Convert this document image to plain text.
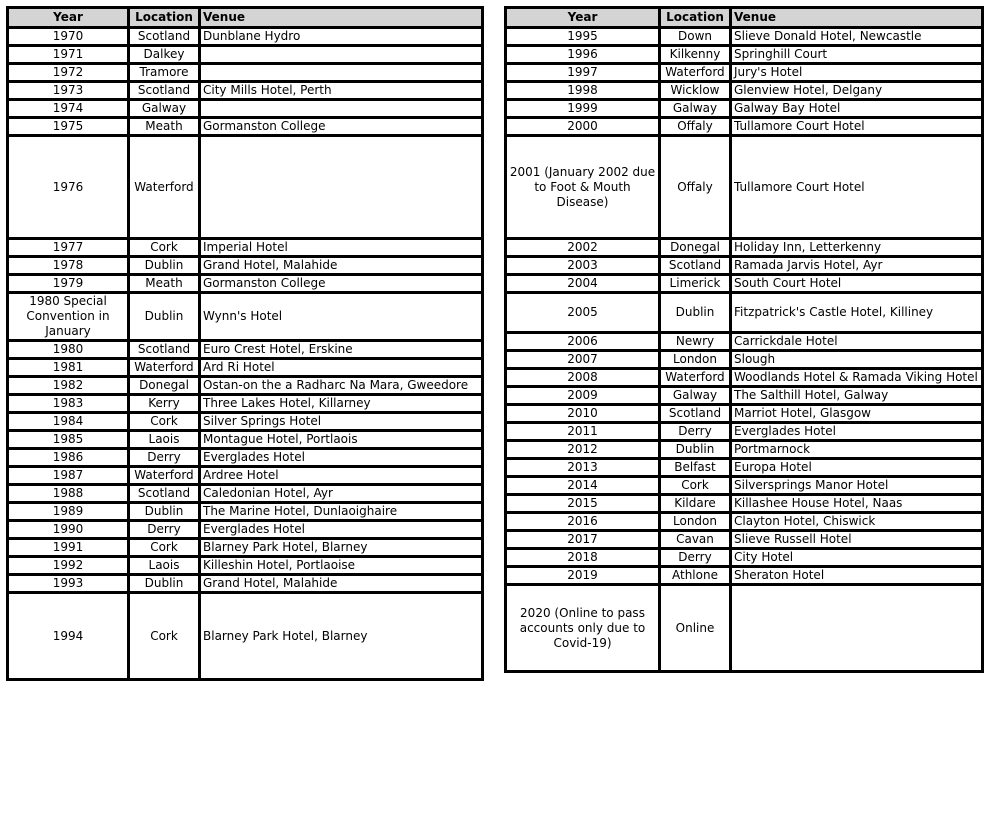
Year	Location	Venue
1970	Scotland	Dunblane Hydro
1971	Dalkey	
1972	Tramore	
1973	Scotland	City Mills Hotel, Perth
1974	Galway	
1975	Meath	Gormanston College
1976	Waterford	
1977	Cork	Imperial Hotel
1978	Dublin	Grand Hotel, Malahide
1979	Meath	Gormanston College
1980 Special Convention in January	Dublin	Wynn's Hotel
1980	Scotland	Euro Crest Hotel, Erskine
1981	Waterford	Ard Ri Hotel
1982	Donegal	Ostan-on the a Radharc Na Mara, Gweedore
1983	Kerry	Three Lakes Hotel, Killarney
1984	Cork	Silver Springs Hotel
1985	Laois	Montague Hotel, Portlaois
1986	Derry	Everglades Hotel
1987	Waterford	Ardree Hotel
1988	Scotland	Caledonian Hotel, Ayr
1989	Dublin	The Marine Hotel, Dunlaoighaire
1990	Derry	Everglades Hotel
1991	Cork	Blarney Park Hotel, Blarney
1992	Laois	Killeshin Hotel, Portlaoise
1993	Dublin	Grand Hotel, Malahide
1994	Cork	Blarney Park Hotel, Blarney
Year	Location	Venue
1995	Down	Slieve Donald Hotel, Newcastle
1996	Kilkenny	Springhill Court
1997	Waterford	Jury's Hotel
1998	Wicklow	Glenview Hotel, Delgany
1999	Galway	Galway Bay Hotel
2000	Offaly	Tullamore Court Hotel
2001 (January 2002 due to Foot & Mouth Disease)	Offaly	Tullamore Court Hotel
2002	Donegal	Holiday Inn, Letterkenny
2003	Scotland	Ramada Jarvis Hotel, Ayr
2004	Limerick	South Court Hotel
2005	Dublin	Fitzpatrick's Castle Hotel, Killiney
2006	Newry	Carrickdale Hotel
2007	London	Slough
2008	Waterford	Woodlands Hotel & Ramada Viking Hotel
2009	Galway	The Salthill Hotel, Galway
2010	Scotland	Marriot Hotel, Glasgow
2011	Derry	Everglades Hotel
2012	Dublin	Portmarnock
2013	Belfast	Europa Hotel
2014	Cork	Silversprings Manor Hotel
2015	Kildare	Killashee House Hotel, Naas
2016	London	Clayton Hotel, Chiswick
2017	Cavan	Slieve Russell Hotel
2018	Derry	City Hotel
2019	Athlone	Sheraton Hotel
2020 (Online to pass accounts only due to Covid-19)	Online	
